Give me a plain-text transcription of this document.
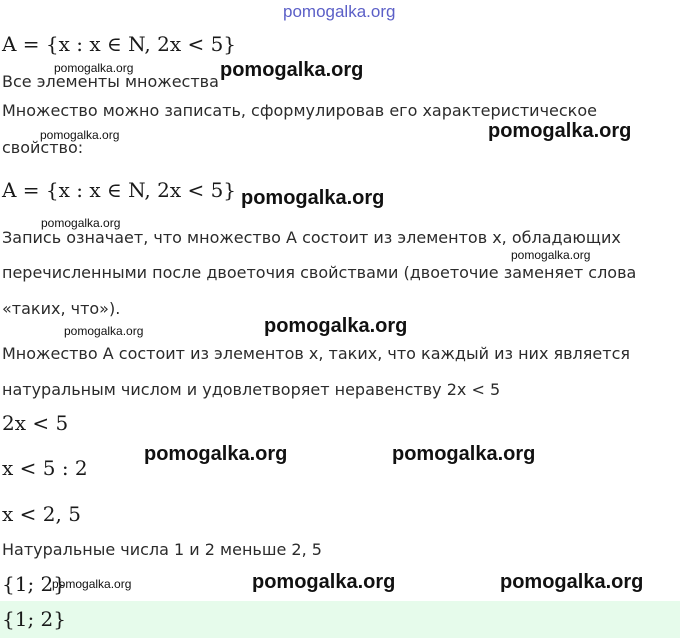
pomogalka.org
A = {x : x ∈ N, 2x < 5}
pomogalka.org	pomogalka.org
Все элементы множества
Множество можно записать, сформулировав его характеристическое
pomogalka.org	pomogalka.org
свойство:
A = {x : x ∈ N, 2x < 5} pomogalka.org
pomogalka.org
Запись означает, что множество A состоит из элементов x, обладающих
pomogalka.org
перечисленными после двоеточия свойствами (двоеточие заменяет слова
«таких, что»).
pomogalka.org	pomogalka.org
Множество A состоит из элементов x, таких, что каждый из них является
натуральным числом и удовлетворяет неравенству 2x < 5
2x < 5
pomogalka.org	pomogalka.org
x < 5 : 2
x < 2, 5
Натуральные числа 1 и 2 меньше 2, 5
{1; 2}
pomogalka.org	pomogalka.org	pomogalka.org
{1; 2}
